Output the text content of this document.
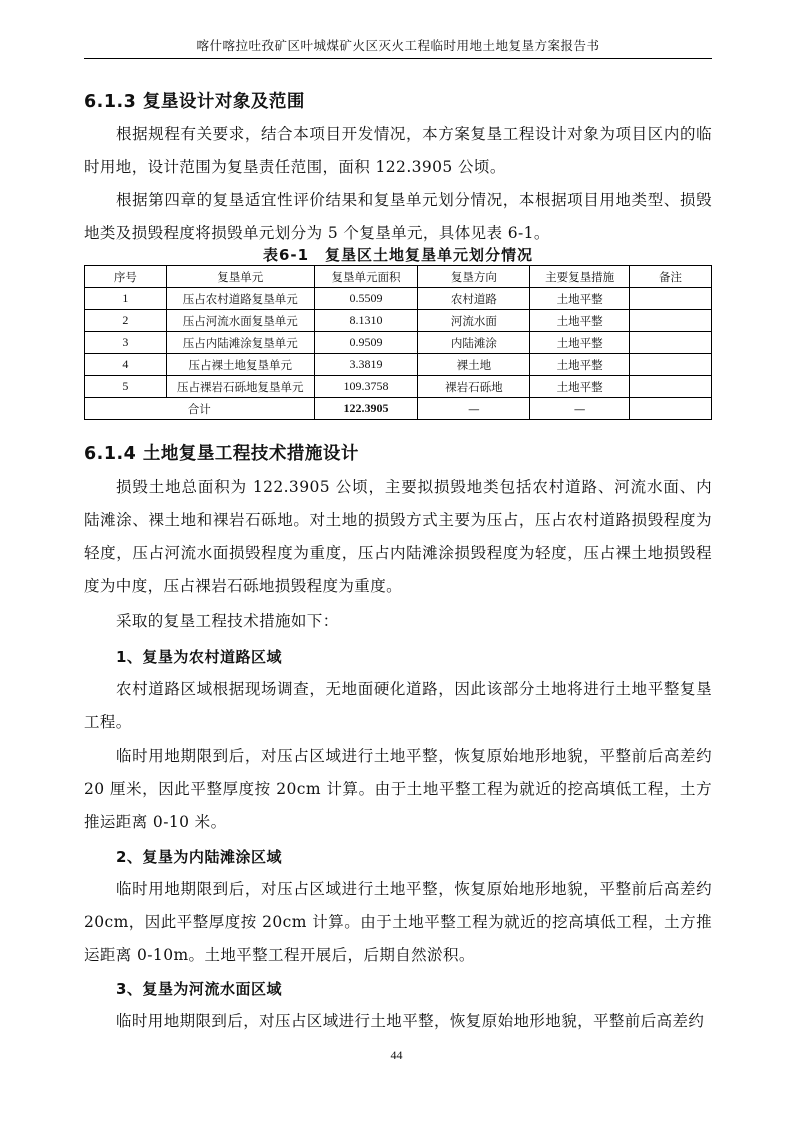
喀什喀拉吐孜矿区叶城煤矿火区灭火工程临时用地土地复垦方案报告书
6.1.3 复垦设计对象及范围

根据规程有关要求，结合本项目开发情况，本方案复垦工程设计对象为项目区内的临时用地，设计范围为复垦责任范围，面积 122.3905 公顷。

根据第四章的复垦适宜性评价结果和复垦单元划分情况，本根据项目用地类型、损毁地类及损毁程度将损毁单元划分为 5 个复垦单元，具体见表 6-1。

表6-1　复垦区土地复垦单元划分情况
序号	复垦单元	复垦单元面积	复垦方向	主要复垦措施	备注
1	压占农村道路复垦单元	0.5509	农村道路	土地平整	
2	压占河流水面复垦单元	8.1310	河流水面	土地平整	
3	压占内陆滩涂复垦单元	0.9509	内陆滩涂	土地平整	
4	压占裸土地复垦单元	3.3819	裸土地	土地平整	
5	压占裸岩石砾地复垦单元	109.3758	裸岩石砾地	土地平整	
合计		122.3905	—	—	
6.1.4 土地复垦工程技术措施设计

损毁土地总面积为 122.3905 公顷，主要拟损毁地类包括农村道路、河流水面、内陆滩涂、裸土地和裸岩石砾地。对土地的损毁方式主要为压占，压占农村道路损毁程度为轻度，压占河流水面损毁程度为重度，压占内陆滩涂损毁程度为轻度，压占裸土地损毁程度为中度，压占裸岩石砾地损毁程度为重度。

采取的复垦工程技术措施如下：

1、复垦为农村道路区域

农村道路区域根据现场调查，无地面硬化道路，因此该部分土地将进行土地平整复垦工程。

临时用地期限到后，对压占区域进行土地平整，恢复原始地形地貌，平整前后高差约 20 厘米，因此平整厚度按 20cm 计算。由于土地平整工程为就近的挖高填低工程，土方推运距离 0-10 米。

2、复垦为内陆滩涂区域

临时用地期限到后，对压占区域进行土地平整，恢复原始地形地貌，平整前后高差约 20cm，因此平整厚度按 20cm 计算。由于土地平整工程为就近的挖高填低工程，土方推运距离 0-10m。土地平整工程开展后，后期自然淤积。

3、复垦为河流水面区域

临时用地期限到后，对压占区域进行土地平整，恢复原始地形地貌，平整前后高差约

44
